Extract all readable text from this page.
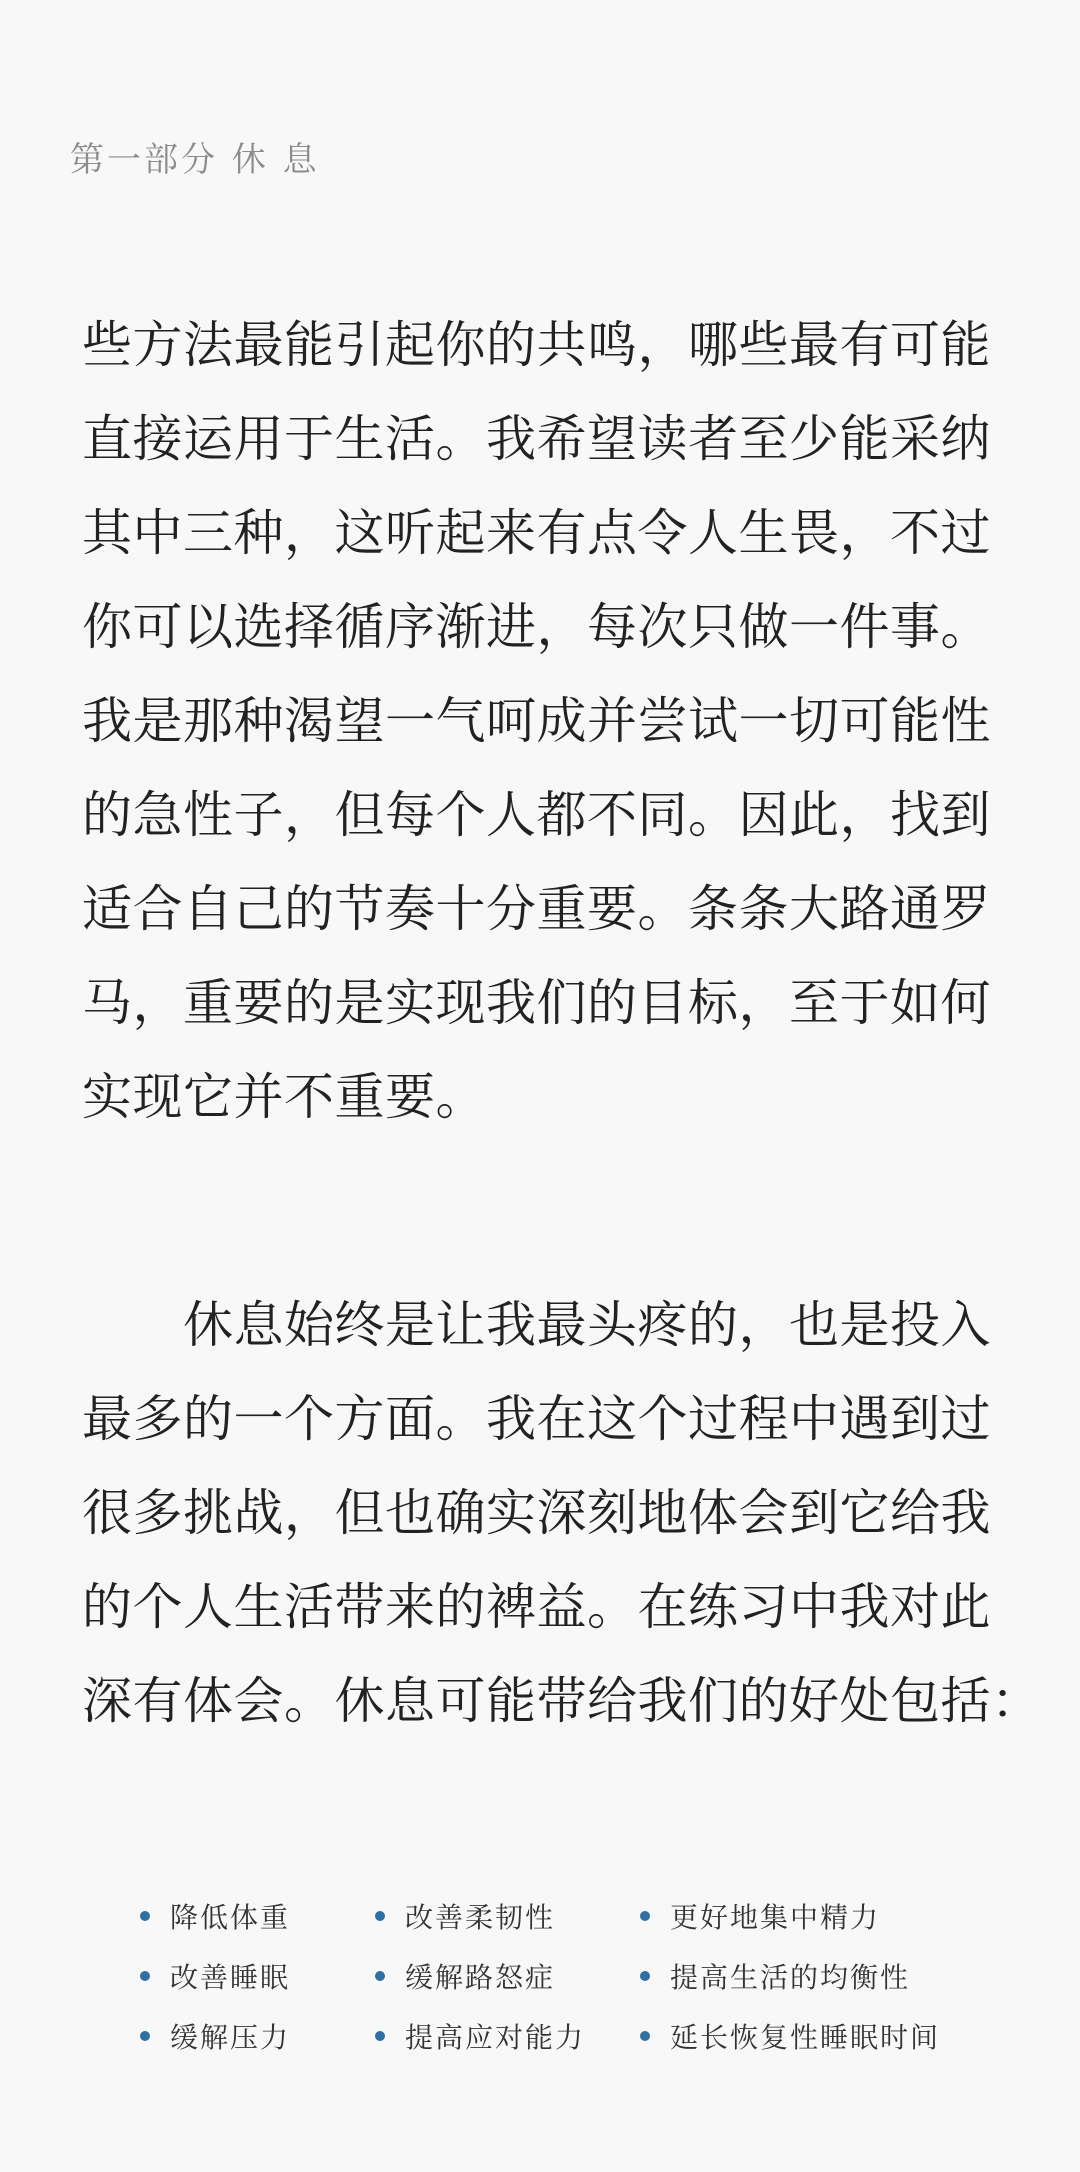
第一部分 休 息
些方法最能引起你的共鸣，哪些最有可能
直接运用于生活。我希望读者至少能采纳
其中三种，这听起来有点令人生畏，不过
你可以选择循序渐进，每次只做一件事。
我是那种渴望一气呵成并尝试一切可能性
的急性子，但每个人都不同。因此，找到
适合自己的节奏十分重要。条条大路通罗
马，重要的是实现我们的目标，至于如何
实现它并不重要。
　　休息始终是让我最头疼的，也是投入
最多的一个方面。我在这个过程中遇到过
很多挑战，但也确实深刻地体会到它给我
的个人生活带来的裨益。在练习中我对此
深有体会。休息可能带给我们的好处包括：
降低体重	改善柔韧性	更好地集中精力
改善睡眠	缓解路怒症	提高生活的均衡性
缓解压力	提高应对能力	延长恢复性睡眠时间
